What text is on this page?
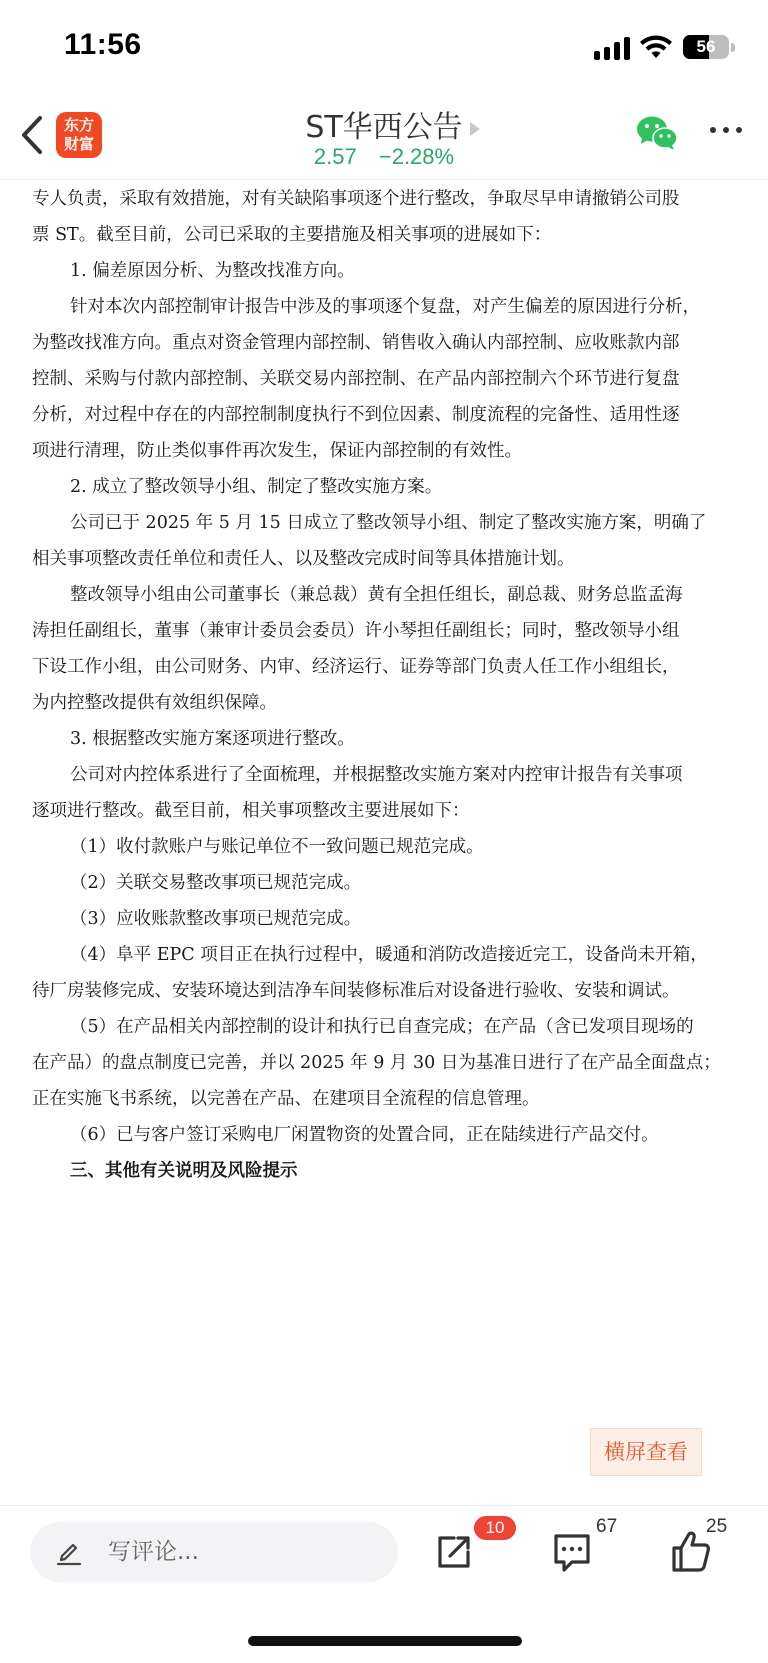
11:56	56
东方
财富	ST华西公告
2.57 −2.28%

专人负责，采取有效措施，对有关缺陷事项逐个进行整改，争取尽早申请撤销公司股

票 ST。截至目前，公司已采取的主要措施及相关事项的进展如下：

1. 偏差原因分析、为整改找准方向。

针对本次内部控制审计报告中涉及的事项逐个复盘，对产生偏差的原因进行分析，

为整改找准方向。重点对资金管理内部控制、销售收入确认内部控制、应收账款内部

控制、采购与付款内部控制、关联交易内部控制、在产品内部控制六个环节进行复盘

分析，对过程中存在的内部控制制度执行不到位因素、制度流程的完备性、适用性逐

项进行清理，防止类似事件再次发生，保证内部控制的有效性。

2. 成立了整改领导小组、制定了整改实施方案。

公司已于 2025 年 5 月 15 日成立了整改领导小组、制定了整改实施方案，明确了

相关事项整改责任单位和责任人、以及整改完成时间等具体措施计划。

整改领导小组由公司董事长（兼总裁）黄有全担任组长，副总裁、财务总监孟海

涛担任副组长，董事（兼审计委员会委员）许小琴担任副组长；同时，整改领导小组

下设工作小组，由公司财务、内审、经济运行、证券等部门负责人任工作小组组长，

为内控整改提供有效组织保障。

3. 根据整改实施方案逐项进行整改。

公司对内控体系进行了全面梳理，并根据整改实施方案对内控审计报告有关事项

逐项进行整改。截至目前，相关事项整改主要进展如下：

（1）收付款账户与账记单位不一致问题已规范完成。

（2）关联交易整改事项已规范完成。

（3）应收账款整改事项已规范完成。

（4）阜平 EPC 项目正在执行过程中，暖通和消防改造接近完工，设备尚未开箱，

待厂房装修完成、安装环境达到洁净车间装修标准后对设备进行验收、安装和调试。

（5）在产品相关内部控制的设计和执行已自查完成；在产品（含已发项目现场的

在产品）的盘点制度已完善，并以 2025 年 9 月 30 日为基准日进行了在产品全面盘点；

正在实施飞书系统，以完善在产品、在建项目全流程的信息管理。

（6）已与客户签订采购电厂闲置物资的处置合同，正在陆续进行产品交付。

三、其他有关说明及风险提示

横屏查看
写评论...
10	67	25
